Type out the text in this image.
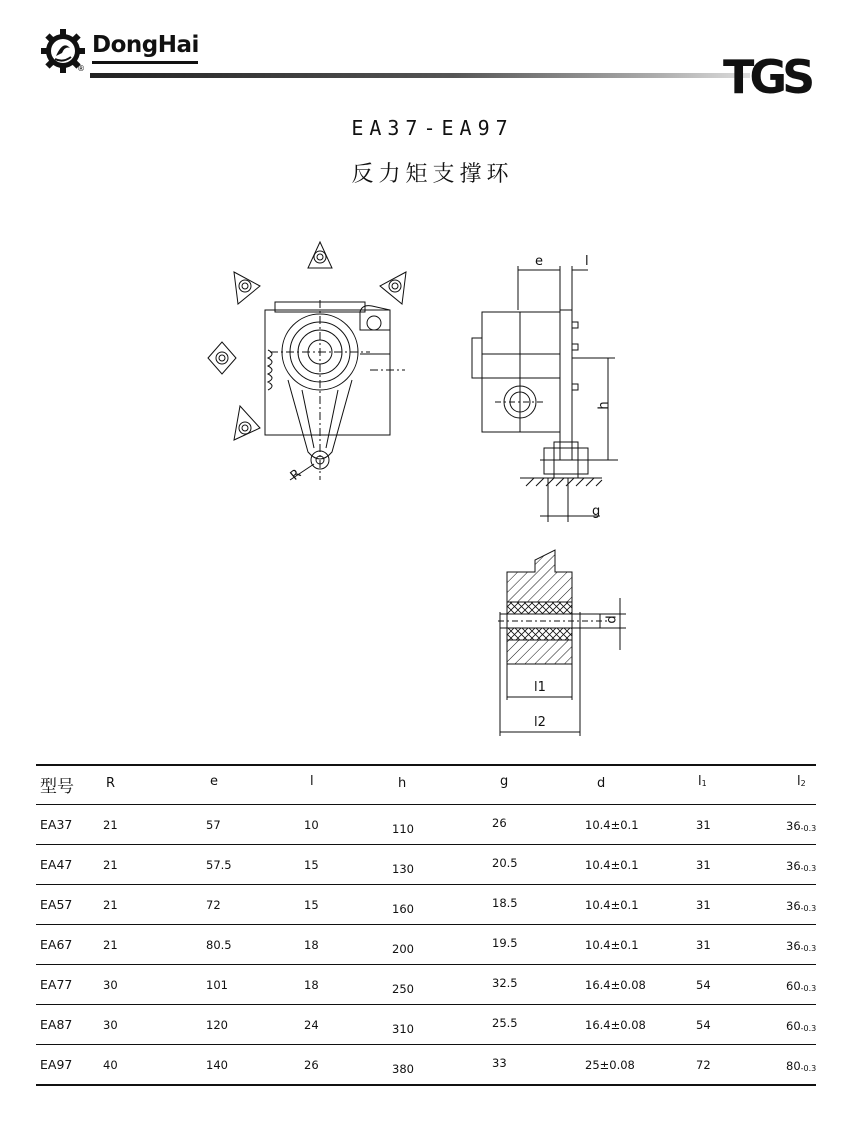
®
DongHai
TGS
EA37-EA97
反力矩支撑环
R
e	l
h
g
d
l1
l2
型号 R	e	l	h	g	d	l1	l2
EA37	21	57	10	110	26	10.4±0.1	31	36-0.3
EA47	21	57.5	15	130	20.5	10.4±0.1	31	36-0.3
EA57	21	72	15	160	18.5	10.4±0.1	31	36-0.3
EA67	21	80.5	18	200	19.5	10.4±0.1	31	36-0.3
EA77	30	101	18	250	32.5	16.4±0.08	54	60-0.3
EA87	30	120	24	310	25.5	16.4±0.08	54	60-0.3
EA97	40	140	26	380	33	25±0.08	72	80-0.3
